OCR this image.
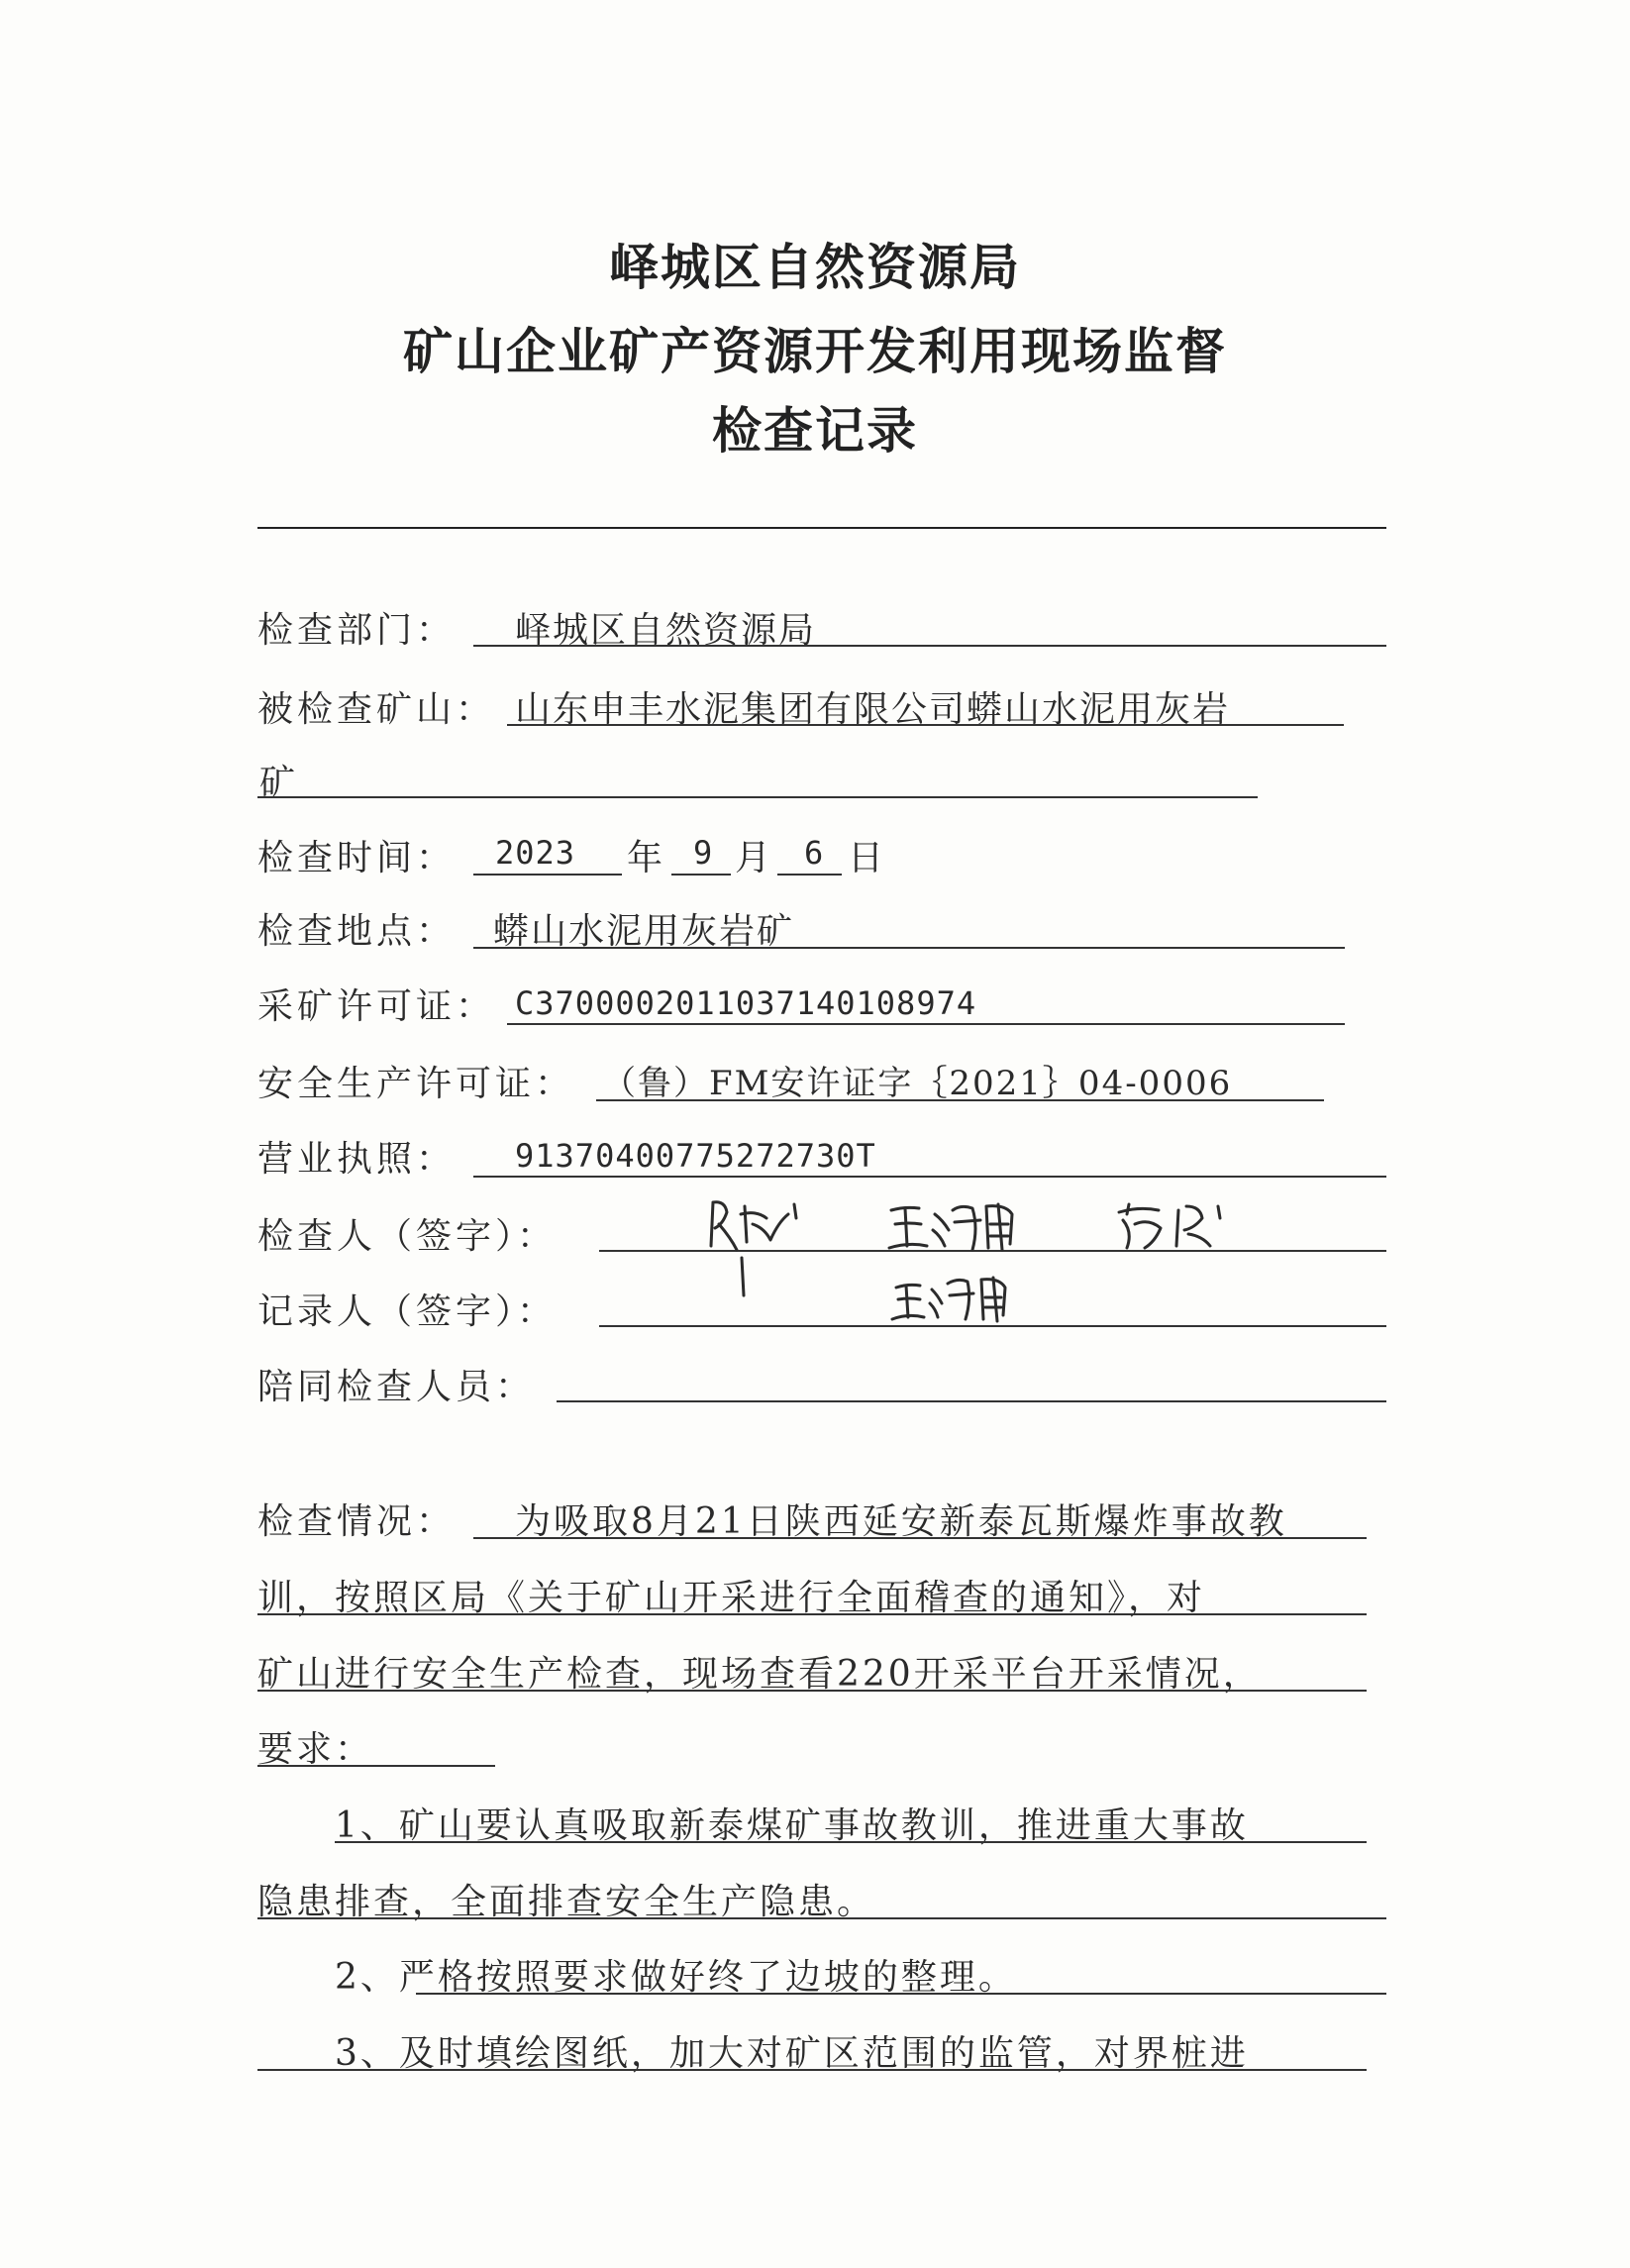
峄城区自然资源局
矿山企业矿产资源开发利用现场监督
检查记录
检查部门： 峄城区自然资源局
被检查矿山： 山东申丰水泥集团有限公司蟒山水泥用灰岩
矿
检查时间： 2023 年 9 月 6 日
检查地点： 蟒山水泥用灰岩矿
采矿许可证： C3700002011037140108974
安全生产许可证： （鲁）FM安许证字｛2021｝04-0006
营业执照： 91370400775272730T
检查人（签字）：
记录人（签字）：
陪同检查人员：
检查情况： 为吸取8月21日陕西延安新泰瓦斯爆炸事故教
训，按照区局《关于矿山开采进行全面稽查的通知》，对
矿山进行安全生产检查，现场查看220开采平台开采情况，
要求：
1、矿山要认真吸取新泰煤矿事故教训，推进重大事故
隐患排查，全面排查安全生产隐患。
2、严格按照要求做好终了边坡的整理。
3、及时填绘图纸，加大对矿区范围的监管，对界桩进
